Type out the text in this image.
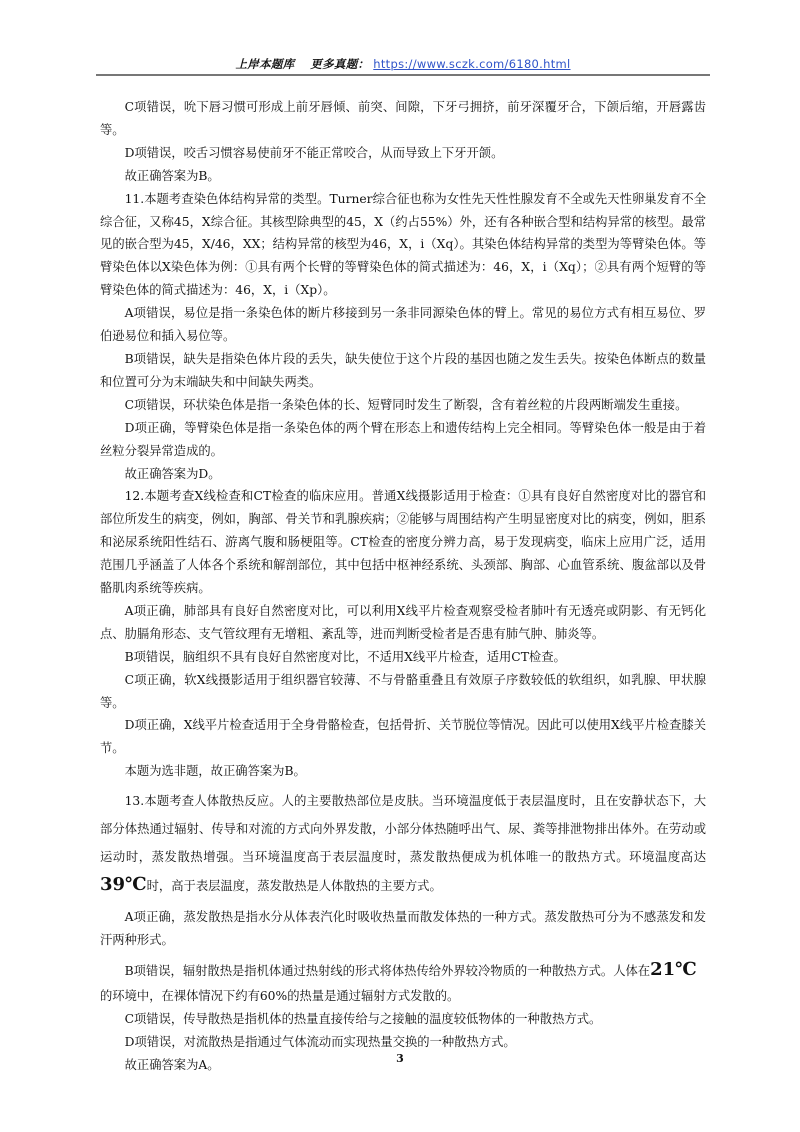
上岸本题库 更多真题： https://www.sczk.com/6180.html

C项错误，吮下唇习惯可形成上前牙唇倾、前突、间隙，下牙弓拥挤，前牙深覆牙合，下颌后缩，开唇露齿等。

D项错误，咬舌习惯容易使前牙不能正常咬合，从而导致上下牙开颌。

故正确答案为B。

11.本题考查染色体结构异常的类型。Turner综合征也称为女性先天性性腺发育不全或先天性卵巢发育不全综合征，又称45，X综合征。其核型除典型的45，X（约占55%）外，还有各种嵌合型和结构异常的核型。最常见的嵌合型为45，X/46，XX；结构异常的核型为46，X，i（Xq）。其染色体结构异常的类型为等臂染色体。等臂染色体以X染色体为例：①具有两个长臂的等臂染色体的简式描述为：46，X，i（Xq）；②具有两个短臂的等臂染色体的简式描述为：46，X，i（Xp）。

A项错误，易位是指一条染色体的断片移接到另一条非同源染色体的臂上。常见的易位方式有相互易位、罗伯逊易位和插入易位等。

B项错误，缺失是指染色体片段的丢失，缺失使位于这个片段的基因也随之发生丢失。按染色体断点的数量和位置可分为末端缺失和中间缺失两类。

C项错误，环状染色体是指一条染色体的长、短臂同时发生了断裂，含有着丝粒的片段两断端发生重接。

D项正确，等臂染色体是指一条染色体的两个臂在形态上和遗传结构上完全相同。等臂染色体一般是由于着丝粒分裂异常造成的。

故正确答案为D。

12.本题考查X线检查和CT检查的临床应用。普通X线摄影适用于检查：①具有良好自然密度对比的器官和部位所发生的病变，例如，胸部、骨关节和乳腺疾病；②能够与周围结构产生明显密度对比的病变，例如，胆系和泌尿系统阳性结石、游离气腹和肠梗阻等。CT检查的密度分辨力高，易于发现病变，临床上应用广泛，适用范围几乎涵盖了人体各个系统和解剖部位，其中包括中枢神经系统、头颈部、胸部、心血管系统、腹盆部以及骨骼肌肉系统等疾病。

A项正确，肺部具有良好自然密度对比，可以利用X线平片检查观察受检者肺叶有无透亮或阴影、有无钙化点、肋膈角形态、支气管纹理有无增粗、紊乱等，进而判断受检者是否患有肺气肿、肺炎等。

B项错误，脑组织不具有良好自然密度对比，不适用X线平片检查，适用CT检查。

C项正确，软X线摄影适用于组织器官较薄、不与骨骼重叠且有效原子序数较低的软组织，如乳腺、甲状腺等。

D项正确，X线平片检查适用于全身骨骼检查，包括骨折、关节脱位等情况。因此可以使用X线平片检查膝关节。

本题为选非题，故正确答案为B。

13.本题考查人体散热反应。人的主要散热部位是皮肤。当环境温度低于表层温度时，且在安静状态下，大部分体热通过辐射、传导和对流的方式向外界发散，小部分体热随呼出气、尿、粪等排泄物排出体外。在劳动或运动时，蒸发散热增强。当环境温度高于表层温度时，蒸发散热便成为机体唯一的散热方式。环境温度高达39℃时，高于表层温度，蒸发散热是人体散热的主要方式。

A项正确，蒸发散热是指水分从体表汽化时吸收热量而散发体热的一种方式。蒸发散热可分为不感蒸发和发汗两种形式。

B项错误，辐射散热是指机体通过热射线的形式将体热传给外界较冷物质的一种散热方式。人体在21℃

的环境中，在裸体情况下约有60%的热量是通过辐射方式发散的。

C项错误，传导散热是指机体的热量直接传给与之接触的温度较低物体的一种散热方式。

D项错误，对流散热是指通过气体流动而实现热量交换的一种散热方式。

故正确答案为A。	3
